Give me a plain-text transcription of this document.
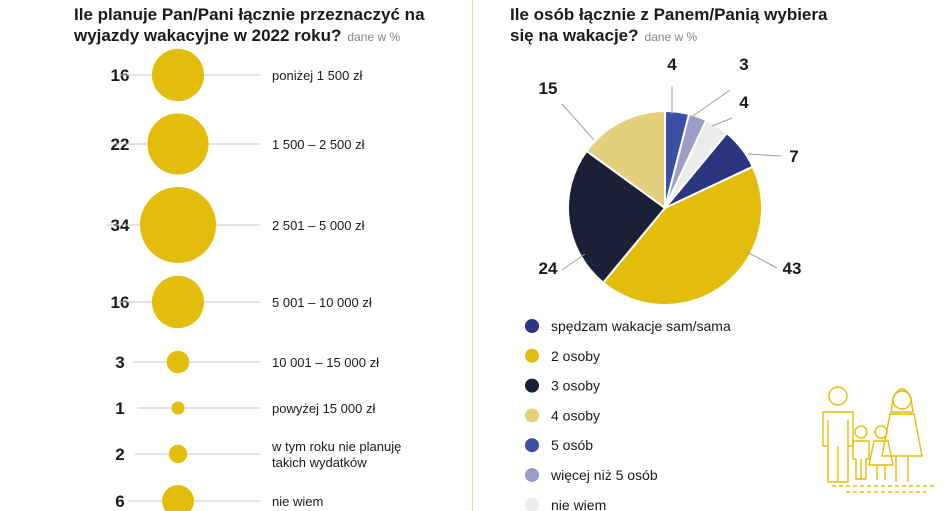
Ile planuje Pan/Pani łącznie przeznaczyć na wyjazdy wakacyjne w 2022 roku? dane w %
Ile osób łącznie z Panem/Panią wybiera się na wakacje? dane w %
16	poniżej 1 500 zł
22	1 500 – 2 500 zł
34	2 501 – 5 000 zł
16	5 001 – 10 000 zł
3	10 001 – 15 000 zł
1	powyżej 15 000 zł
2	w tym roku nie planuję takich wydatków
6	nie wiem
4	3
4
7
43
24
15
spędzam wakacje sam/sama
2 osoby
3 osoby
4 osoby
5 osób
więcej niż 5 osób
nie wiem
